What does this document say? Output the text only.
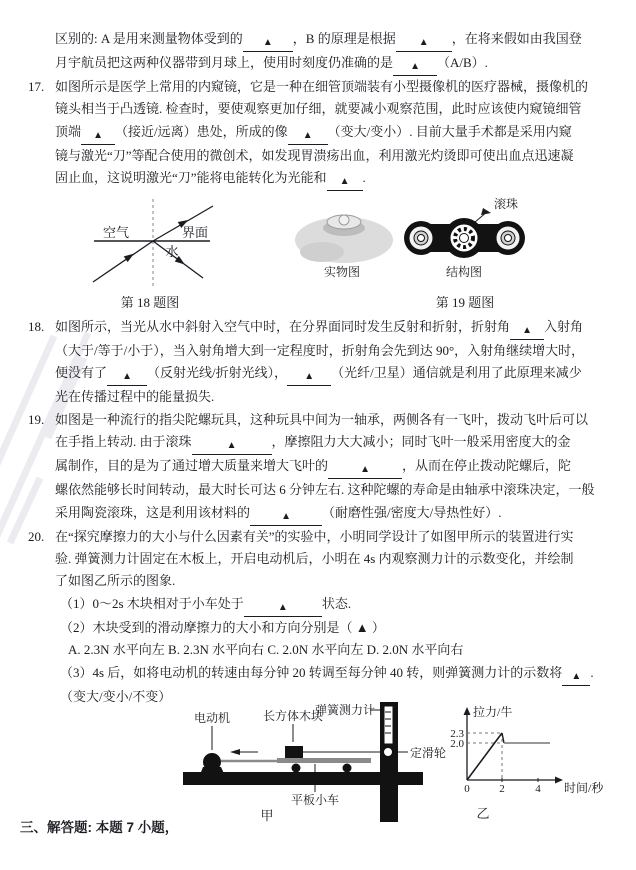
区别的: A 是用来测量物体受到的 ▲ ，B 的原理是根据 ▲ ，在将来假如由我国登
月宇航员把这两种仪器带到月球上，使用时刻度仍准确的是 ▲ （A/B）.
17. 如图所示是医学上常用的内窥镜，它是一种在细管顶端装有小型摄像机的医疗器械，摄像机的
镜头相当于凸透镜. 检查时，要使观察更加仔细，就要减小观察范围，此时应该使内窥镜细管
顶端 ▲ （接近/远离）患处，所成的像 ▲ （变大/变小）. 目前大量手术都是采用内窥
镜与激光“刀”等配合使用的微创术，如发现胃溃疡出血，利用激光灼烫即可使出血点迅速凝
固止血，这说明激光“刀”能将电能转化为光能和 ▲ .
空气	界面
水
第 18 题图
实物图
滚珠
结构图
第 19 题图
18. 如图所示，当光从水中斜射入空气中时，在分界面同时发生反射和折射，折射角 ▲ 入射角
（大于/等于/小于），当入射角增大到一定程度时，折射角会先到达 90°，入射角继续增大时，
便没有了 ▲ （反射光线/折射光线）， ▲ （光纤/卫星）通信就是利用了此原理来减少
光在传播过程中的能量损失.
19. 如图是一种流行的指尖陀螺玩具，这种玩具中间为一轴承，两侧各有一飞叶，拨动飞叶后可以
在手指上转动. 由于滚珠	▲	，摩擦阻力大大减小；同时飞叶一般采用密度大的金
属制作，目的是为了通过增大质量来增大飞叶的	▲ ，从而在停止拨动陀螺后，陀
螺依然能够长时间转动，最大时长可达 6 分钟左右. 这种陀螺的寿命是由轴承中滚珠决定，一般
采用陶瓷滚珠，这是利用该材料的	▲ （耐磨性强/密度大/导热性好）.
20. 在“探究摩擦力的大小与什么因素有关”的实验中，小明同学设计了如图甲所示的装置进行实
验. 弹簧测力计固定在木板上，开启电动机后，小明在 4s 内观察测力计的示数变化，并绘制
了如图乙所示的图象.
（1）0～2s 木块相对于小车处于	▲	状态.
（2）木块受到的滑动摩擦力的大小和方向分别是（ ▲ ）
A. 2.3N 水平向左 B. 2.3N 水平向右 C. 2.0N 水平向左 D. 2.0N 水平向右
（3）4s 后，如将电动机的转速由每分钟 20 转调至每分钟 40 转，则弹簧测力计的示数将 ▲ .
（变大/变小/不变）
电动机	长方体木块
弹簧测力计
定滑轮
平板小车
甲
拉力/牛
时间/秒
2.3
2.0
0	2	4
乙
三、解答题: 本题 7 小题，
